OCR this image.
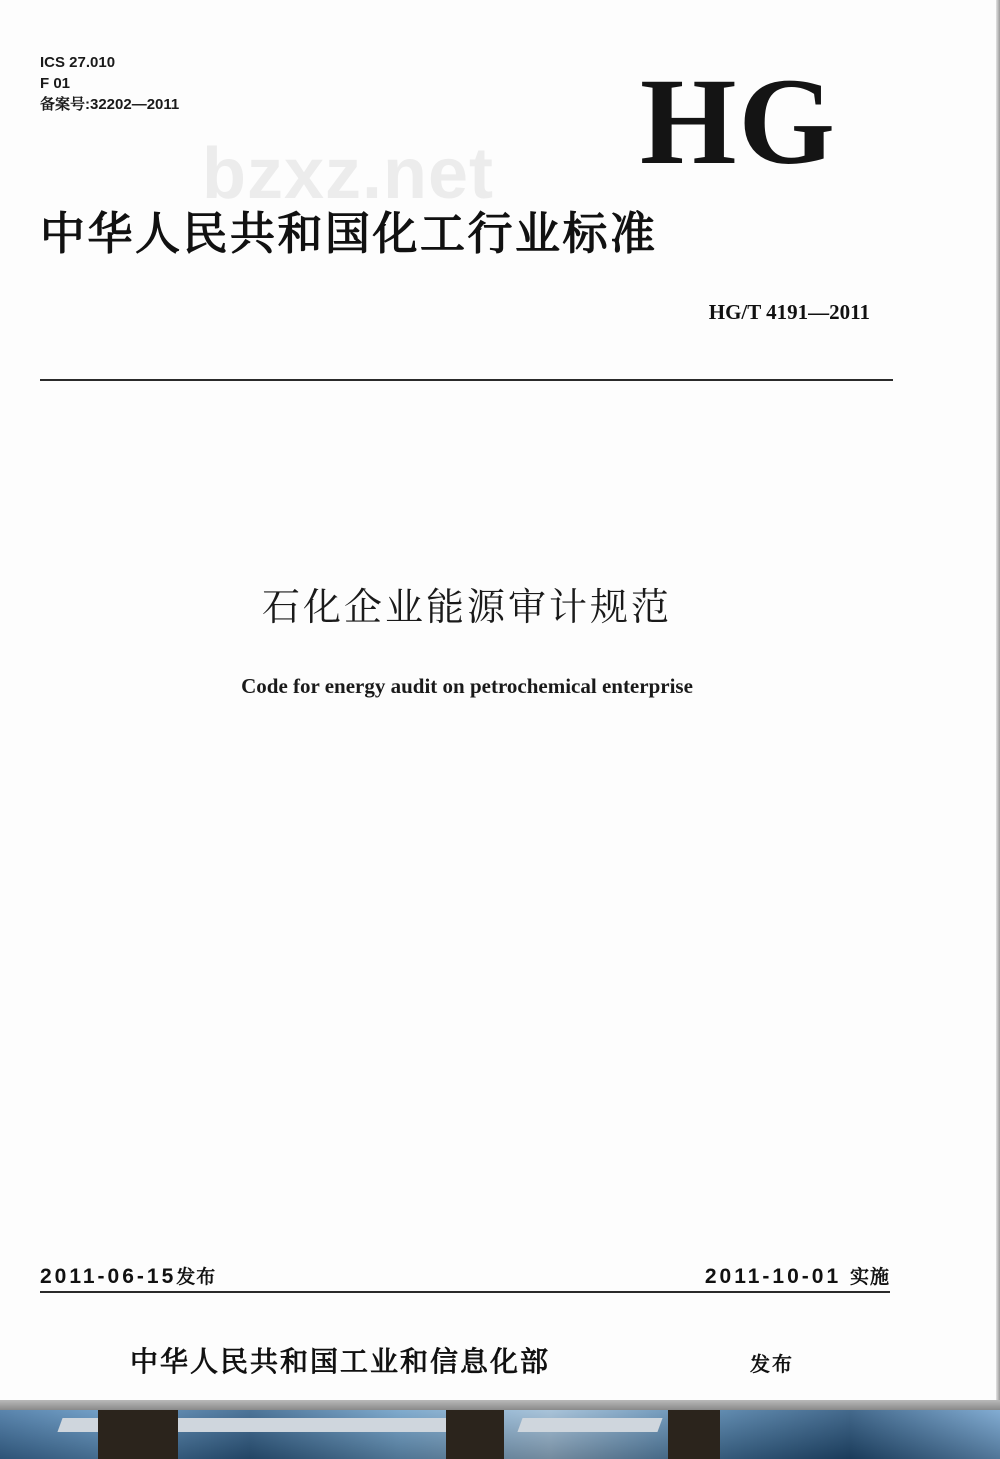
ICS 27.010
F 01
备案号:32202—2011	HG
bzxz.net
中华人民共和国化工行业标准
HG/T 4191—2011
石化企业能源审计规范
Code for energy audit on petrochemical enterprise
2011-06-15发布	2011-10-01 实施
中华人民共和国工业和信息化部	发布
